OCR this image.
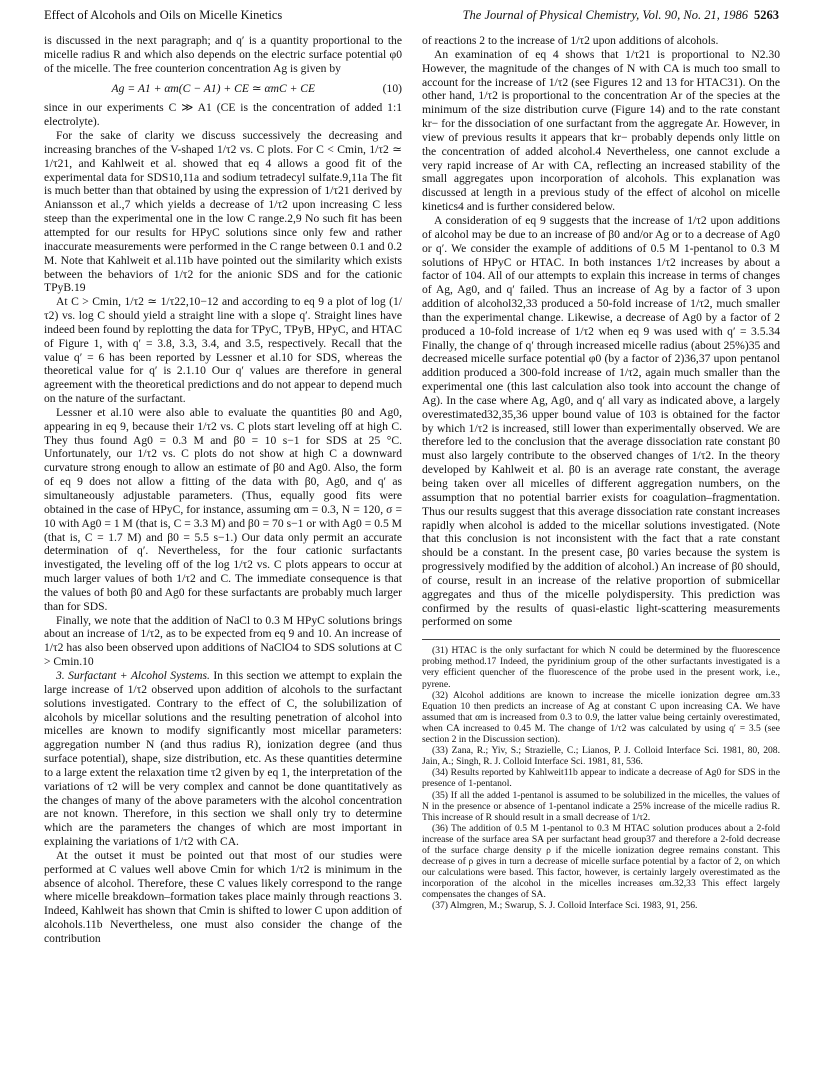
Effect of Alcohols and Oils on Micelle Kinetics	The Journal of Physical Chemistry, Vol. 90, No. 21, 1986 5263

is discussed in the next paragraph; and q′ is a quantity proportional to the micelle radius R and which also depends on the electric surface potential φ0 of the micelle. The free counterion concentration Ag is given by

Ag = A1 + αm(C − A1) + CE ≃ αmC + CE	(10)

since in our experiments C ≫ A1 (CE is the concentration of added 1:1 electrolyte).

For the sake of clarity we discuss successively the decreasing and increasing branches of the V-shaped 1/τ2 vs. C plots. For C < Cmin, 1/τ2 ≃ 1/τ21, and Kahlweit et al. showed that eq 4 allows a good fit of the experimental data for SDS10,11a and sodium tetradecyl sulfate.9,11a The fit is much better than that obtained by using the expression of 1/τ21 derived by Aniansson et al.,7 which yields a decrease of 1/τ2 upon increasing C less steep than the experimental one in the low C range.2,9 No such fit has been attempted for our results for HPyC solutions since only few and rather inaccurate measurements were performed in the C range between 0.1 and 0.2 M. Note that Kahlweit et al.11b have pointed out the similarity which exists between the behaviors of 1/τ2 for the anionic SDS and for the cationic TPyB.19

At C > Cmin, 1/τ2 ≃ 1/τ22,10−12 and according to eq 9 a plot of log (1/τ2) vs. log C should yield a straight line with a slope q′. Straight lines have indeed been found by replotting the data for TPyC, TPyB, HPyC, and HTAC of Figure 1, with q′ = 3.8, 3.3, 3.4, and 3.5, respectively. Recall that the value q′ = 6 has been reported by Lessner et al.10 for SDS, whereas the theoretical value for q′ is 2.1.10 Our q′ values are therefore in general agreement with the theoretical predictions and do not appear to depend much on the nature of the surfactant.

Lessner et al.10 were also able to evaluate the quantities β0 and Ag0, appearing in eq 9, because their 1/τ2 vs. C plots start leveling off at high C. They thus found Ag0 = 0.3 M and β0 = 10 s−1 for SDS at 25 °C. Unfortunately, our 1/τ2 vs. C plots do not show at high C a downward curvature strong enough to allow an estimate of β0 and Ag0. Also, the form of eq 9 does not allow a fitting of the data with β0, Ag0, and q′ as simultaneously adjustable parameters. (Thus, equally good fits were obtained in the case of HPyC, for instance, assuming αm = 0.3, N = 120, σ = 10 with Ag0 = 1 M (that is, C = 3.3 M) and β0 = 70 s−1 or with Ag0 = 0.5 M (that is, C = 1.7 M) and β0 = 5.5 s−1.) Our data only permit an accurate determination of q′. Nevertheless, for the four cationic surfactants investigated, the leveling off of the log 1/τ2 vs. C plots appears to occur at much larger values of both 1/τ2 and C. The immediate consequence is that the values of both β0 and Ag0 for these surfactants are probably much larger than for SDS.

Finally, we note that the addition of NaCl to 0.3 M HPyC solutions brings about an increase of 1/τ2, as to be expected from eq 9 and 10. An increase of 1/τ2 has also been observed upon additions of NaClO4 to SDS solutions at C > Cmin.10

3. Surfactant + Alcohol Systems. In this section we attempt to explain the large increase of 1/τ2 observed upon addition of alcohols to the surfactant solutions investigated. Contrary to the effect of C, the solubilization of alcohols by micellar solutions and the resulting penetration of alcohol into micelles are known to modify significantly most micellar parameters: aggregation number N (and thus radius R), ionization degree (and thus surface potential), shape, size distribution, etc. As these quantities determine to a large extent the relaxation time τ2 given by eq 1, the interpretation of the variations of τ2 will be very complex and cannot be done quantitatively as the changes of many of the above parameters with the alcohol concentration are not known. Therefore, in this section we shall only try to determine which are the parameters the changes of which are most important in explaining the variations of 1/τ2 with CA.

At the outset it must be pointed out that most of our studies were performed at C values well above Cmin for which 1/τ2 is minimum in the absence of alcohol. Therefore, these C values likely correspond to the range where micelle breakdown–formation takes place mainly through reactions 3. Indeed, Kahlweit has shown that Cmin is shifted to lower C upon addition of alcohols.11b Nevertheless, one must also consider the change of the contribution

of reactions 2 to the increase of 1/τ2 upon additions of alcohols.

An examination of eq 4 shows that 1/τ21 is proportional to N2.30 However, the magnitude of the changes of N with CA is much too small to account for the increase of 1/τ2 (see Figures 12 and 13 for HTAC31). On the other hand, 1/τ2 is proportional to the concentration Ar of the species at the minimum of the size distribution curve (Figure 14) and to the rate constant kr− for the dissociation of one surfactant from the aggregate Ar. However, in view of previous results it appears that kr− probably depends only little on the concentration of added alcohol.4 Nevertheless, one cannot exclude a very rapid increase of Ar with CA, reflecting an increased stability of the small aggregates upon incorporation of alcohols. This explanation was discussed at length in a previous study of the effect of alcohol on micelle kinetics4 and is further considered below.

A consideration of eq 9 suggests that the increase of 1/τ2 upon additions of alcohol may be due to an increase of β0 and/or Ag or to a decrease of Ag0 or q′. We consider the example of additions of 0.5 M 1-pentanol to 0.3 M solutions of HPyC or HTAC. In both instances 1/τ2 increases by about a factor of 104. All of our attempts to explain this increase in terms of changes of Ag, Ag0, and q′ failed. Thus an increase of Ag by a factor of 3 upon addition of alcohol32,33 produced a 50-fold increase of 1/τ2, much smaller than the experimental change. Likewise, a decrease of Ag0 by a factor of 2 produced a 10-fold increase of 1/τ2 when eq 9 was used with q′ = 3.5.34 Finally, the change of q′ through increased micelle radius (about 25%)35 and decreased micelle surface potential φ0 (by a factor of 2)36,37 upon pentanol addition produced a 300-fold increase of 1/τ2, again much smaller than the experimental one (this last calculation also took into account the change of Ag). In the case where Ag, Ag0, and q′ all vary as indicated above, a largely overestimated32,35,36 upper bound value of 103 is obtained for the factor by which 1/τ2 is increased, still lower than experimentally observed. We are therefore led to the conclusion that the average dissociation rate constant β0 must also largely contribute to the observed changes of 1/τ2. In the theory developed by Kahlweit et al. β0 is an average rate constant, the average being taken over all micelles of different aggregation numbers, on the assumption that no potential barrier exists for coagulation–fragmentation. Thus our results suggest that this average dissociation rate constant increases rapidly when alcohol is added to the micellar solutions investigated. (Note that this conclusion is not inconsistent with the fact that a rate constant should be a constant. In the present case, β0 varies because the system is progressively modified by the addition of alcohol.) An increase of β0 should, of course, result in an increase of the relative proportion of submicellar aggregates and thus of the micelle polydispersity. This prediction was confirmed by the results of quasi-elastic light-scattering measurements performed on some

(31) HTAC is the only surfactant for which N could be determined by the fluorescence probing method.17 Indeed, the pyridinium group of the other surfactants investigated is a very efficient quencher of the fluorescence of the probe used in the present work, i.e., pyrene.

(32) Alcohol additions are known to increase the micelle ionization degree αm.33 Equation 10 then predicts an increase of Ag at constant C upon increasing CA. We have assumed that αm is increased from 0.3 to 0.9, the latter value being certainly overestimated, when CA increased to 0.45 M. The change of 1/τ2 was calculated by using q′ = 3.5 (see section 2 in the Discussion section).

(33) Zana, R.; Yiv, S.; Strazielle, C.; Lianos, P. J. Colloid Interface Sci. 1981, 80, 208. Jain, A.; Singh, R. J. Colloid Interface Sci. 1981, 81, 536.

(34) Results reported by Kahlweit11b appear to indicate a decrease of Ag0 for SDS in the presence of 1-pentanol.

(35) If all the added 1-pentanol is assumed to be solubilized in the micelles, the values of N in the presence or absence of 1-pentanol indicate a 25% increase of the micelle radius R. This increase of R should result in a small decrease of 1/τ2.

(36) The addition of 0.5 M 1-pentanol to 0.3 M HTAC solution produces about a 2-fold increase of the surface area SA per surfactant head group37 and therefore a 2-fold decrease of the surface charge density ρ if the micelle ionization degree remains constant. This decrease of ρ gives in turn a decrease of micelle surface potential by a factor of 2, on which our calculations were based. This factor, however, is certainly largely overestimated as the incorporation of the alcohol in the micelles increases αm.32,33 This effect largely compensates the changes of SA.

(37) Almgren, M.; Swarup, S. J. Colloid Interface Sci. 1983, 91, 256.
